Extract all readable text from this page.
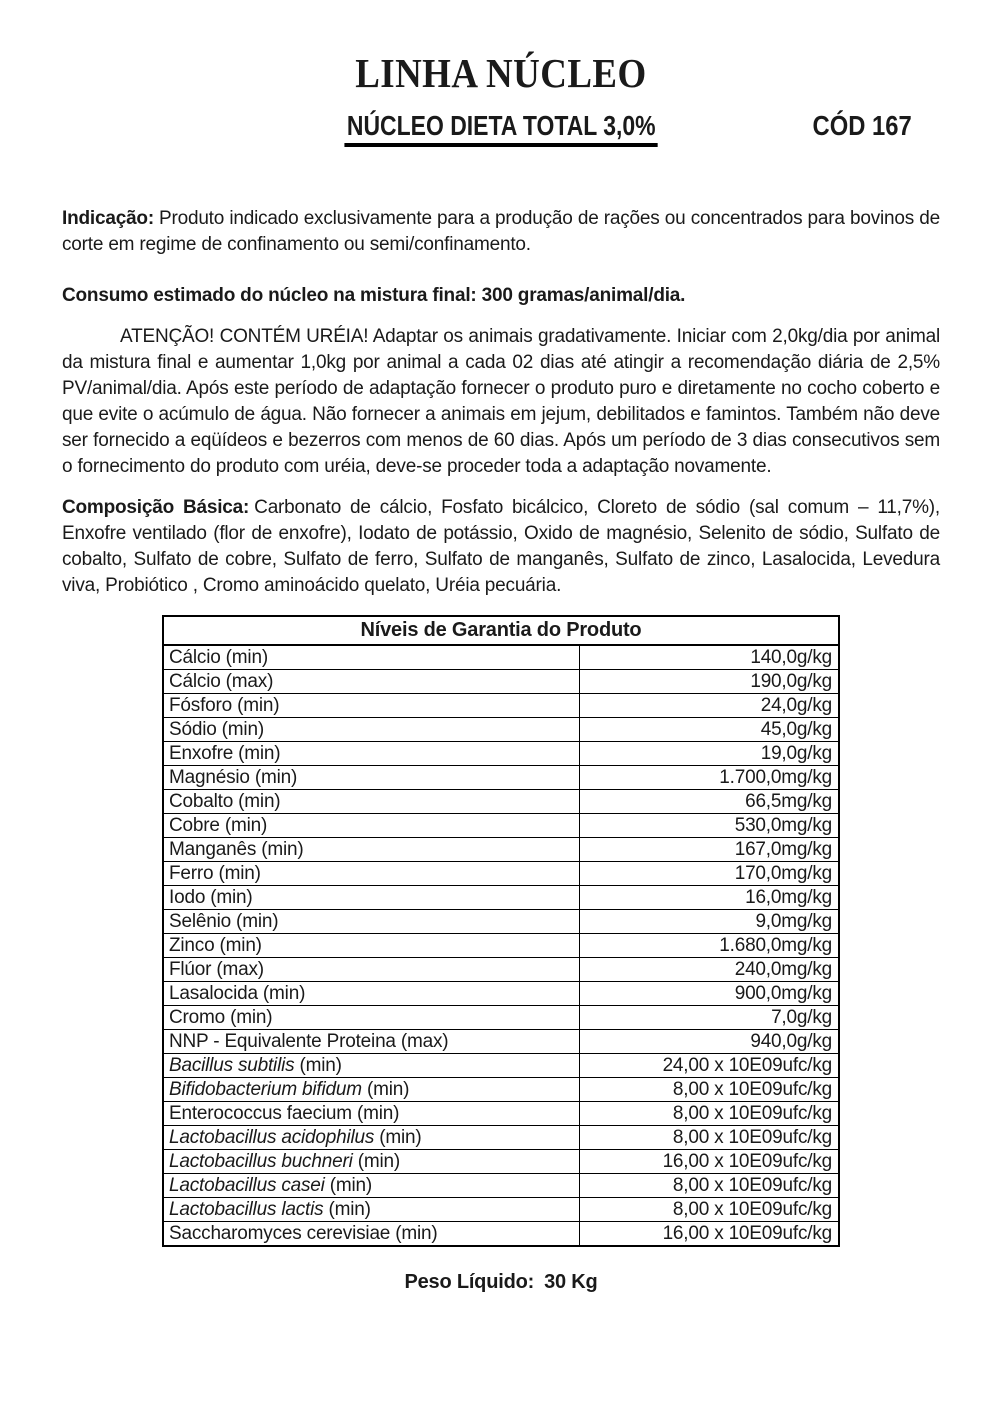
LINHA NÚCLEO
NÚCLEO DIETA TOTAL 3,0%	CÓD 167

Indicação: Produto indicado exclusivamente para a produção de rações ou concentrados para bovinos de corte em regime de confinamento ou semi/confinamento.

Consumo estimado do núcleo na mistura final: 300 gramas/animal/dia.

ATENÇÃO! CONTÉM URÉIA! Adaptar os animais gradativamente. Iniciar com 2,0kg/dia por animal da mistura final e aumentar 1,0kg por animal a cada 02 dias até atingir a recomendação diária de 2,5% PV/animal/dia. Após este período de adaptação fornecer o produto puro e diretamente no cocho coberto e que evite o acúmulo de água. Não fornecer a animais em jejum, debilitados e famintos. Também não deve ser fornecido a eqüídeos e bezerros com menos de 60 dias. Após um período de 3 dias consecutivos sem o fornecimento do produto com uréia, deve-se proceder toda a adaptação novamente.

Composição Básica: Carbonato de cálcio, Fosfato bicálcico, Cloreto de sódio (sal comum – 11,7%), Enxofre ventilado (flor de enxofre), Iodato de potássio, Oxido de magnésio, Selenito de sódio, Sulfato de cobalto, Sulfato de cobre, Sulfato de ferro, Sulfato de manganês, Sulfato de zinco, Lasalocida, Levedura viva, Probiótico , Cromo aminoácido quelato, Uréia pecuária.

Níveis de Garantia do Produto	
Cálcio (min)	140,0g/kg
Cálcio (max)	190,0g/kg
Fósforo (min)	24,0g/kg
Sódio (min)	45,0g/kg
Enxofre (min)	19,0g/kg
Magnésio (min)	1.700,0mg/kg
Cobalto (min)	66,5mg/kg
Cobre (min)	530,0mg/kg
Manganês (min)	167,0mg/kg
Ferro (min)	170,0mg/kg
Iodo (min)	16,0mg/kg
Selênio (min)	9,0mg/kg
Zinco (min)	1.680,0mg/kg
Flúor (max)	240,0mg/kg
Lasalocida (min)	900,0mg/kg
Cromo (min)	7,0g/kg
NNP - Equivalente Proteina (max)	940,0g/kg
Bacillus subtilis (min)	24,00 x 10E09ufc/kg
Bifidobacterium bifidum (min)	8,00 x 10E09ufc/kg
Enterococcus faecium (min)	8,00 x 10E09ufc/kg
Lactobacillus acidophilus (min)	8,00 x 10E09ufc/kg
Lactobacillus buchneri (min)	16,00 x 10E09ufc/kg
Lactobacillus casei (min)	8,00 x 10E09ufc/kg
Lactobacillus lactis (min)	8,00 x 10E09ufc/kg
Saccharomyces cerevisiae (min)	16,00 x 10E09ufc/kg

Peso Líquido: 30 Kg
